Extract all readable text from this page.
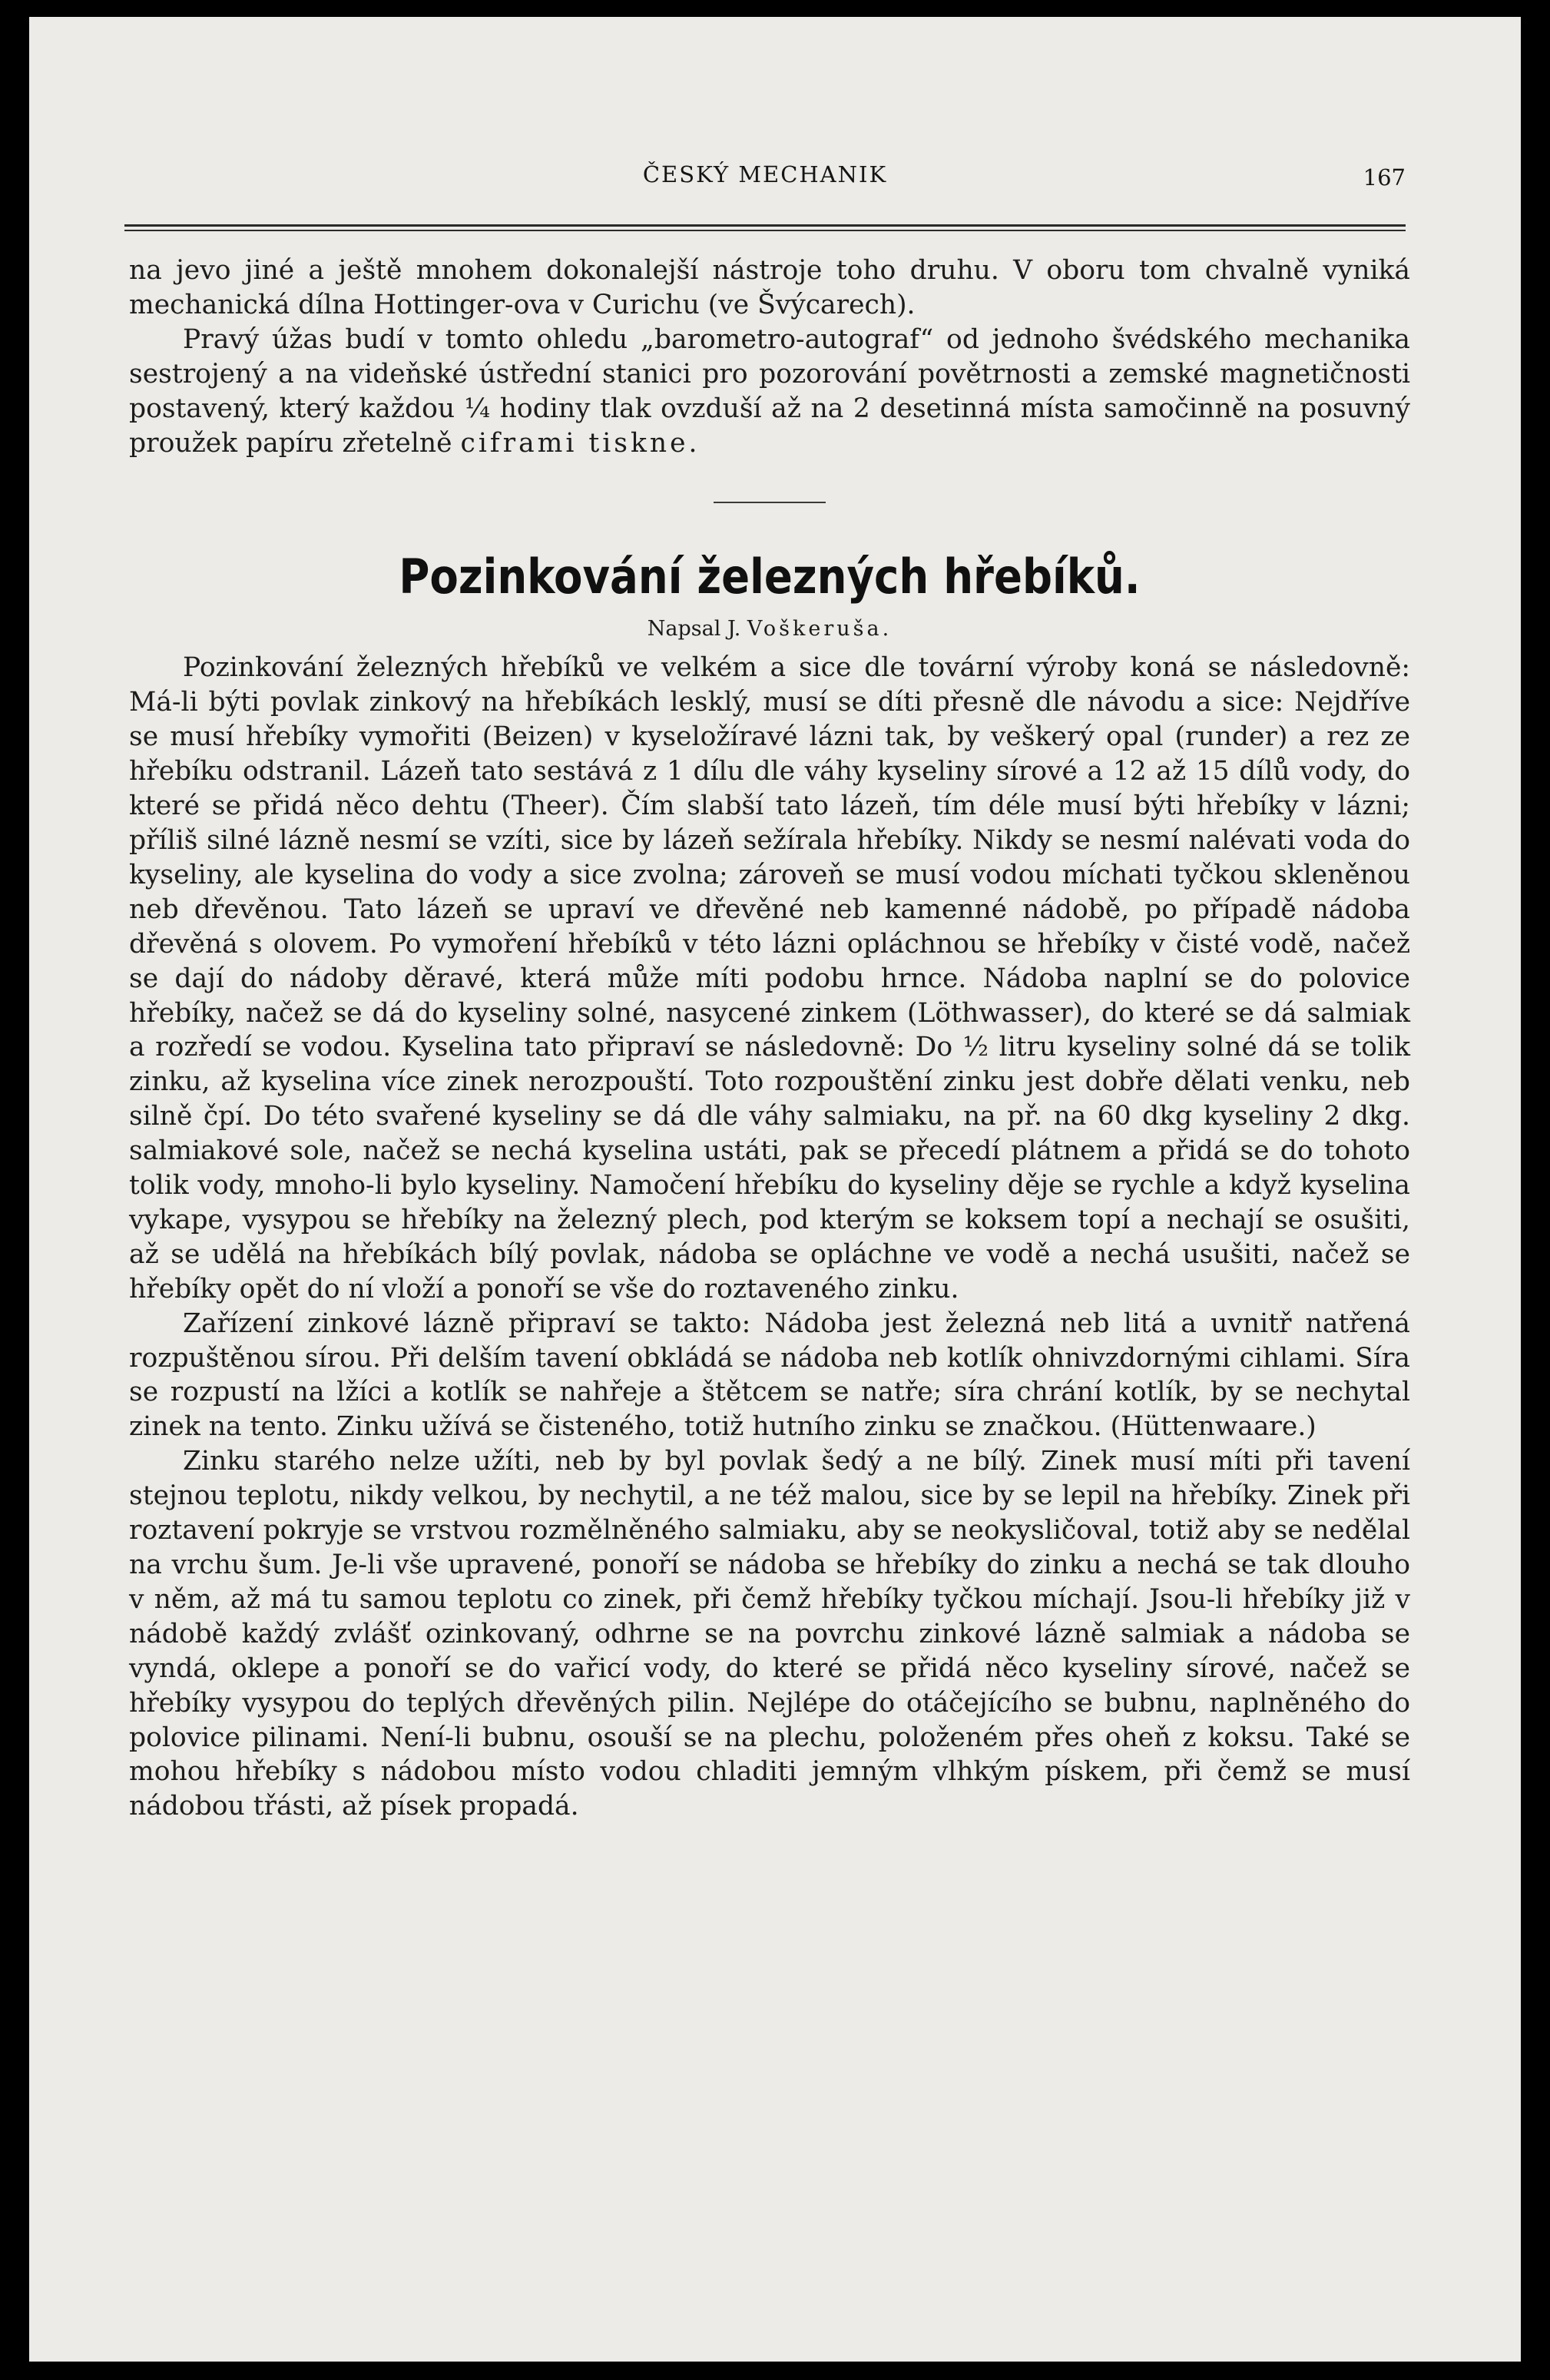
ČESKÝ MECHANIK	167

na jevo jiné a ještě mnohem dokonalejší nástroje toho druhu. V oboru tom chvalně vyniká mechanická dílna Hottinger-ova v Curichu (ve Švýcarech).

Pravý úžas budí v tomto ohledu „barometro-autograf“ od jednoho švédského mechanika sestrojený a na videňské ústřední stanici pro pozorování povětrnosti a zemské magnetičnosti postavený, který každou ¼ hodiny tlak ovzduší až na 2 desetinná místa samočinně na posuvný proužek papíru zřetelně ciframi tiskne.

Pozinkování železných hřebíků.
Napsal J. Voškeruša.

Pozinkování železných hřebíků ve velkém a sice dle tovární výroby koná se následovně: Má-li býti povlak zinkový na hřebíkách lesklý, musí se díti přesně dle návodu a sice: Nejdříve se musí hřebíky vymořiti (Beizen) v kyseložíravé lázni tak, by veškerý opal (runder) a rez ze hřebíku odstranil. Lázeň tato sestává z 1 dílu dle váhy kyseliny sírové a 12 až 15 dílů vody, do které se přidá něco dehtu (Theer). Čím slabší tato lázeň, tím déle musí býti hřebíky v lázni; příliš silné lázně nesmí se vzíti, sice by lázeň sežírala hřebíky. Nikdy se nesmí nalévati voda do kyseliny, ale kyselina do vody a sice zvolna; zároveň se musí vodou míchati tyčkou skleněnou neb dřevěnou. Tato lázeň se upraví ve dřevěné neb kamenné nádobě, po případě nádoba dřevěná s olovem. Po vymoření hřebíků v této lázni opláchnou se hřebíky v čisté vodě, načež se dají do nádoby děravé, která může míti podobu hrnce. Nádoba naplní se do polovice hřebíky, načež se dá do kyseliny solné, nasycené zinkem (Löthwasser), do které se dá salmiak a rozředí se vodou. Kyselina tato připraví se následovně: Do ½ litru kyseliny solné dá se tolik zinku, až kyselina více zinek nerozpouští. Toto rozpouštění zinku jest dobře dělati venku, neb silně čpí. Do této svařené kyseliny se dá dle váhy salmiaku, na př. na 60 dkg kyseliny 2 dkg. salmiakové sole, načež se nechá kyselina ustáti, pak se přecedí plátnem a přidá se do tohoto tolik vody, mnoho-li bylo kyseliny. Namočení hřebíku do kyseliny děje se rychle a když kyselina vykape, vysypou se hřebíky na železný plech, pod kterým se koksem topí a nechají se osušiti, až se udělá na hřebíkách bílý povlak, nádoba se opláchne ve vodě a nechá usušiti, načež se hřebíky opět do ní vloží a ponoří se vše do roztaveného zinku.

Zařízení zinkové lázně připraví se takto: Nádoba jest železná neb litá a uvnitř natřená rozpuštěnou sírou. Při delším tavení obkládá se nádoba neb kotlík ohnivzdornými cihlami. Síra se rozpustí na lžíci a kotlík se nahřeje a štětcem se natře; síra chrání kotlík, by se nechytal zinek na tento. Zinku užívá se čisteného, totiž hutního zinku se značkou. (Hüttenwaare.)

Zinku starého nelze užíti, neb by byl povlak šedý a ne bílý. Zinek musí míti při tavení stejnou teplotu, nikdy velkou, by nechytil, a ne též malou, sice by se lepil na hřebíky. Zinek při roztavení pokryje se vrstvou rozmělněného salmiaku, aby se neokysličoval, totiž aby se nedělal na vrchu šum. Je-li vše upravené, ponoří se nádoba se hřebíky do zinku a nechá se tak dlouho v něm, až má tu samou teplotu co zinek, při čemž hřebíky tyčkou míchají. Jsou-li hřebíky již v nádobě každý zvlášť ozinkovaný, odhrne se na povrchu zinkové lázně salmiak a nádoba se vyndá, oklepe a ponoří se do vařicí vody, do které se přidá něco kyseliny sírové, načež se hřebíky vysypou do teplých dřevěných pilin. Nejlépe do otáčejícího se bubnu, naplněného do polovice pilinami. Není-li bubnu, osouší se na plechu, položeném přes oheň z koksu. Také se mohou hřebíky s nádobou místo vodou chladiti jemným vlhkým pískem, při čemž se musí nádobou třásti, až písek propadá.
